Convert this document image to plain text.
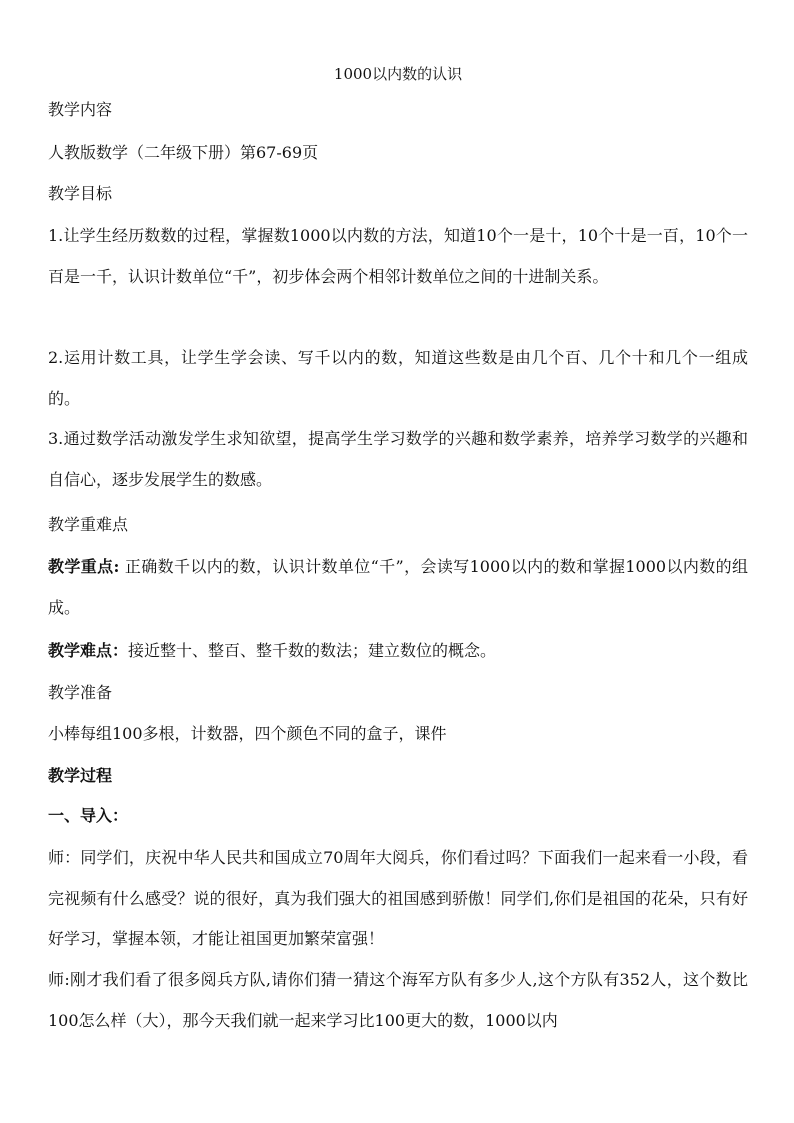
1000以内数的认识
教学内容
人教版数学（二年级下册）第67-69页
教学目标
1.让学生经历数数的过程，掌握数1000以内数的方法，知道10个一是十，10个十是一百，10个一百是一千，认识计数单位“千”，初步体会两个相邻计数单位之间的十进制关系。
2.运用计数工具，让学生学会读、写千以内的数，知道这些数是由几个百、几个十和几个一组成的。
3.通过数学活动激发学生求知欲望，提高学生学习数学的兴趣和数学素养，培养学习数学的兴趣和自信心，逐步发展学生的数感。
教学重难点
教学重点: 正确数千以内的数，认识计数单位“千”，会读写1000以内的数和掌握1000以内数的组成。
教学难点：接近整十、整百、整千数的数法；建立数位的概念。
教学准备
小棒每组100多根，计数器，四个颜色不同的盒子，课件
教学过程
一、导入：
师：同学们，庆祝中华人民共和国成立70周年大阅兵，你们看过吗？下面我们一起来看一小段，看完视频有什么感受？说的很好，真为我们强大的祖国感到骄傲！同学们,你们是祖国的花朵，只有好好学习，掌握本领，才能让祖国更加繁荣富强！
师:刚才我们看了很多阅兵方队,请你们猜一猜这个海军方队有多少人,这个方队有352人，这个数比100怎么样（大），那今天我们就一起来学习比100更大的数，1000以内
